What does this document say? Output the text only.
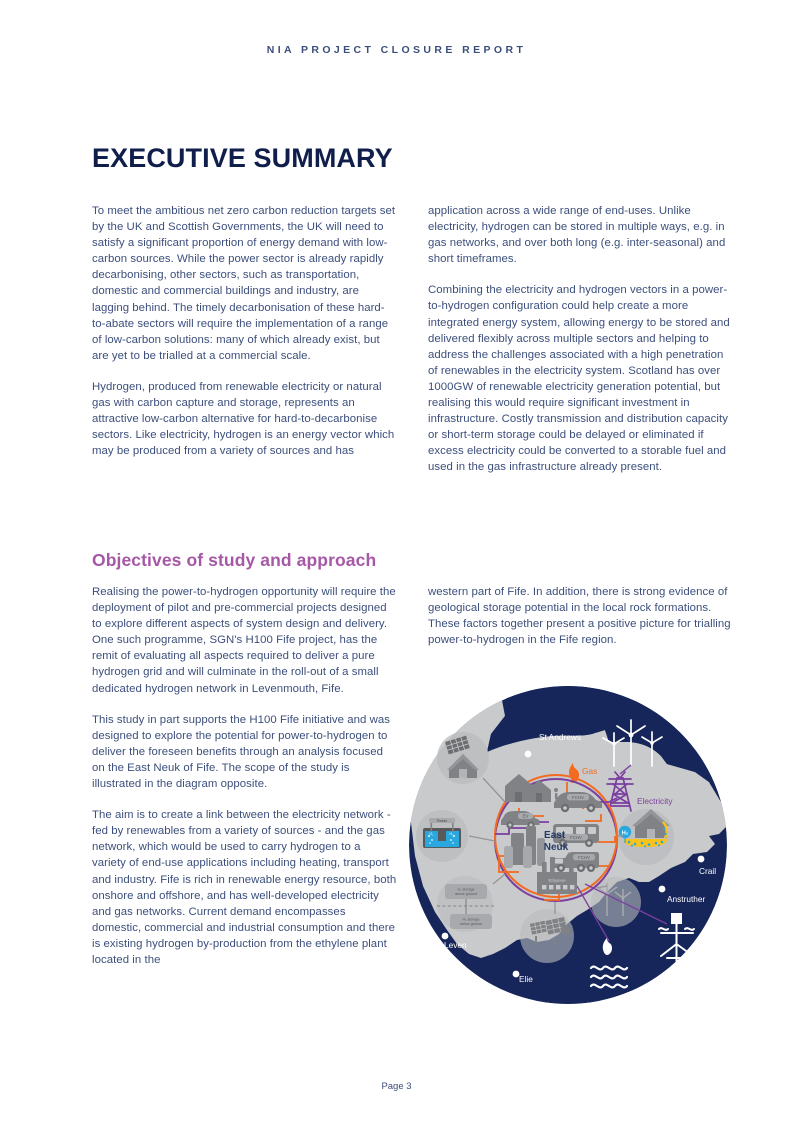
NIA PROJECT CLOSURE REPORT
EXECUTIVE SUMMARY

To meet the ambitious net zero carbon reduction targets set by the UK and Scottish Governments, the UK will need to satisfy a significant proportion of energy demand with low-carbon sources. While the power sector is already rapidly decarbonising, other sectors, such as transportation, domestic and commercial buildings and industry, are lagging behind. The timely decarbonisation of these hard-to-abate sectors will require the implementation of a range of low-carbon solutions: many of which already exist, but are yet to be trialled at a commercial scale.

Hydrogen, produced from renewable electricity or natural gas with carbon capture and storage, represents an attractive low-carbon alternative for hard-to-decarbonise sectors. Like electricity, hydrogen is an energy vector which may be produced from a variety of sources and has

application across a wide range of end-uses. Unlike electricity, hydrogen can be stored in multiple ways, e.g. in gas networks, and over both long (e.g. inter-seasonal) and short timeframes.

Combining the electricity and hydrogen vectors in a power-to-hydrogen configuration could help create a more integrated energy system, allowing energy to be stored and delivered flexibly across multiple sectors and helping to address the challenges associated with a high penetration of renewables in the electricity system. Scotland has over 1000GW of renewable electricity generation potential, but realising this would require significant investment in infrastructure. Costly transmission and distribution capacity or short-term storage could be delayed or eliminated if excess electricity could be converted to a storable fuel and used in the gas infrastructure already present.

Objectives of study and approach

Realising the power-to-hydrogen opportunity will require the deployment of pilot and pre-commercial projects designed to explore different aspects of system design and delivery. One such programme, SGN's H100 Fife project, has the remit of evaluating all aspects required to deliver a pure hydrogen grid and will culminate in the roll-out of a small dedicated hydrogen network in Levenmouth, Fife.

This study in part supports the H100 Fife initiative and was designed to explore the potential for power-to-hydrogen to deliver the foreseen benefits through an analysis focused on the East Neuk of Fife. The scope of the study is illustrated in the diagram opposite.

The aim is to create a link between the electricity network - fed by renewables from a variety of sources - and the gas network, which would be used to carry hydrogen to a variety of end-use applications including heating, transport and industry. Fife is rich in renewable energy resource, both onshore and offshore, and has well-developed electricity and gas networks. Current demand encompasses domestic, commercial and industrial consumption and there is existing hydrogen by-production from the ethylene plant located in the

western part of Fife. In addition, there is strong evidence of geological storage potential in the local rock formations. These factors together present a positive picture for trialling power-to-hydrogen in the Fife region.

Power
O₂	H₂
H₂ storage
above ground
H₂ storage
below ground
H₂
Gas
Electricity
EV
FCHV
FCHV
FCHV
Ethylene
East Neuk
St Andrews
Crail
Anstruther
Elie
Leven
Page 3
